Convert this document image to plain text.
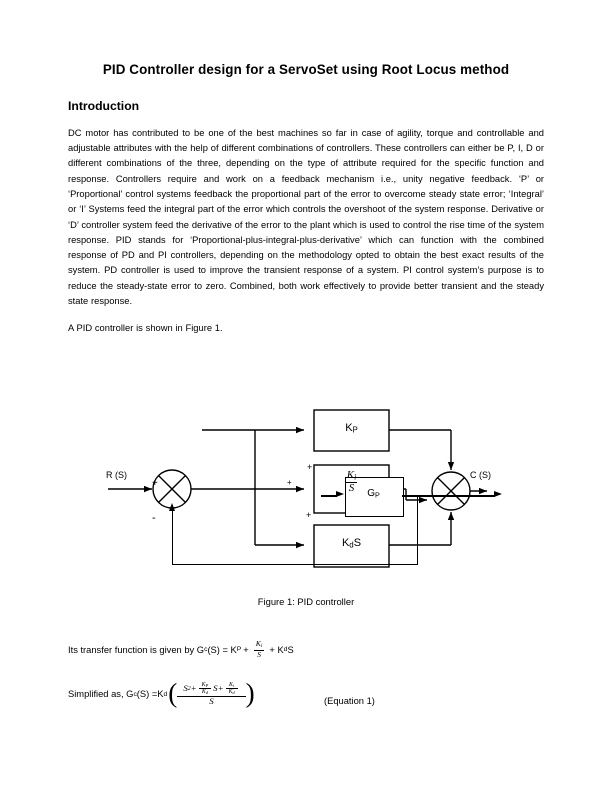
PID Controller design for a ServoSet using Root Locus method
Introduction

DC motor has contributed to be one of the best machines so far in case of agility, torque and controllable and adjustable attributes with the help of different combinations of controllers. These controllers can either be P, I, D or different combinations of the three, depending on the type of attribute required for the specific function and response. Controllers require and work on a feedback mechanism i.e., unity negative feedback. ‘P’ or ‘Proportional’ control systems feedback the proportional part of the error to overcome steady state error; ‘Integral’ or ‘I’ Systems feed the integral part of the error which controls the overshoot of the system response. Derivative or ‘D’ controller system feed the derivative of the error to the plant which is used to control the rise time of the system response. PID stands for ‘Proportional-plus-integral-plus-derivative’ which can function with the combined response of PD and PI controllers, depending on the methodology opted to obtain the best exact results of the system. PD controller is used to improve the transient response of a system. PI control system’s purpose is to reduce the steady-state error to zero. Combined, both work effectively to provide better transient and the steady state response.

A PID controller is shown in Figure 1.

R (S)	C (S)
+
-
+
+
+
$K_P$
$\frac{K_i}{S}$
$K_dS$
$G_P$
Figure 1: PID controller
Its transfer function is given by G c (S) = K $P + \frac{K_i}{S} + K$ d S
Simplified as, G c (S) =K d ( S $2 + \frac{K_P}{K_d}$ $S + \frac{K_i}{K_d}$
S	)	(Equation 1)
